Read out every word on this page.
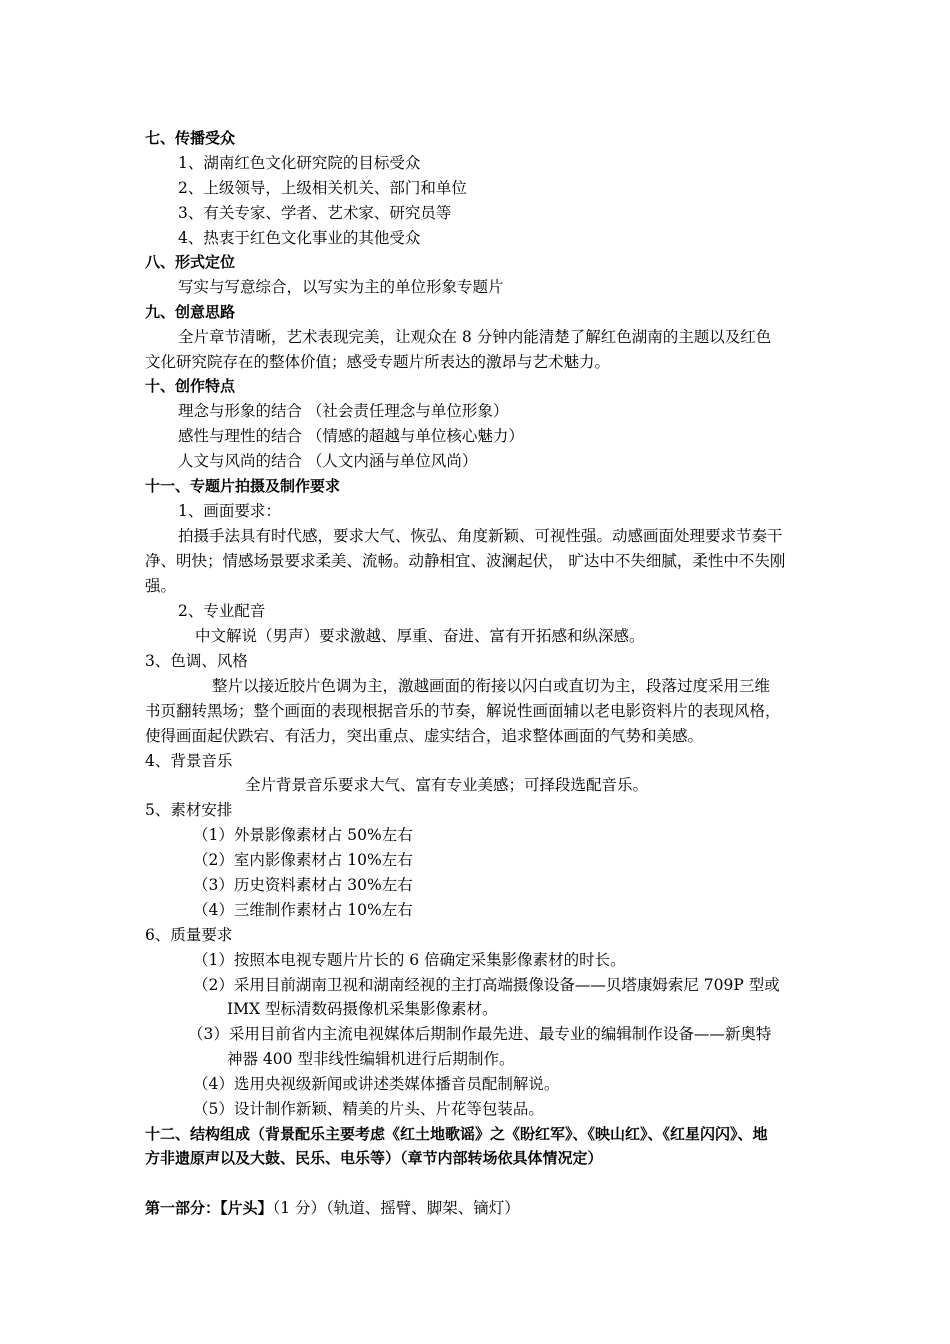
七、传播受众
1、湖南红色文化研究院的目标受众
2、上级领导，上级相关机关、部门和单位
3、有关专家、学者、艺术家、研究员等
4、热衷于红色文化事业的其他受众
八、形式定位
写实与写意综合，以写实为主的单位形象专题片
九、创意思路
全片章节清晰，艺术表现完美，让观众在 8 分钟内能清楚了解红色湖南的主题以及红色
文化研究院存在的整体价值；感受专题片所表达的激昂与艺术魅力。
十、创作特点
理念与形象的结合 （社会责任理念与单位形象）
感性与理性的结合 （情感的超越与单位核心魅力）
人文与风尚的结合 （人文内涵与单位风尚）
十一、专题片拍摄及制作要求
1、画面要求：
拍摄手法具有时代感，要求大气、恢弘、角度新颖、可视性强。动感画面处理要求节奏干
净、明快；情感场景要求柔美、流畅。动静相宜、波澜起伏， 旷达中不失细腻，柔性中不失刚
强。
2、专业配音
中文解说（男声）要求激越、厚重、奋进、富有开拓感和纵深感。
3、色调、风格
整片以接近胶片色调为主，激越画面的衔接以闪白或直切为主，段落过度采用三维
书页翻转黑场；整个画面的表现根据音乐的节奏，解说性画面辅以老电影资料片的表现风格，
使得画面起伏跌宕、有活力，突出重点、虚实结合，追求整体画面的气势和美感。
4、背景音乐
全片背景音乐要求大气、富有专业美感；可择段选配音乐。
5、素材安排
（1）外景影像素材占 50%左右
（2）室内影像素材占 10%左右
（3）历史资料素材占 30%左右
（4）三维制作素材占 10%左右
6、质量要求
（1）按照本电视专题片片长的 6 倍确定采集影像素材的时长。
（2）采用目前湖南卫视和湖南经视的主打高端摄像设备——贝塔康姆索尼 709P 型或
IMX 型标清数码摄像机采集影像素材。
（3）采用目前省内主流电视媒体后期制作最先进、最专业的编辑制作设备——新奥特
神器 400 型非线性编辑机进行后期制作。
（4）选用央视级新闻或讲述类媒体播音员配制解说。
（5）设计制作新颖、精美的片头、片花等包装品。
十二、结构组成（背景配乐主要考虑《红土地歌谣》之《盼红军》、《映山红》、《红星闪闪》、地
方非遗原声以及大鼓、民乐、电乐等）（章节内部转场依具体情况定）
第一部分：【片头】（1 分）（轨道、摇臂、脚架、镝灯）
